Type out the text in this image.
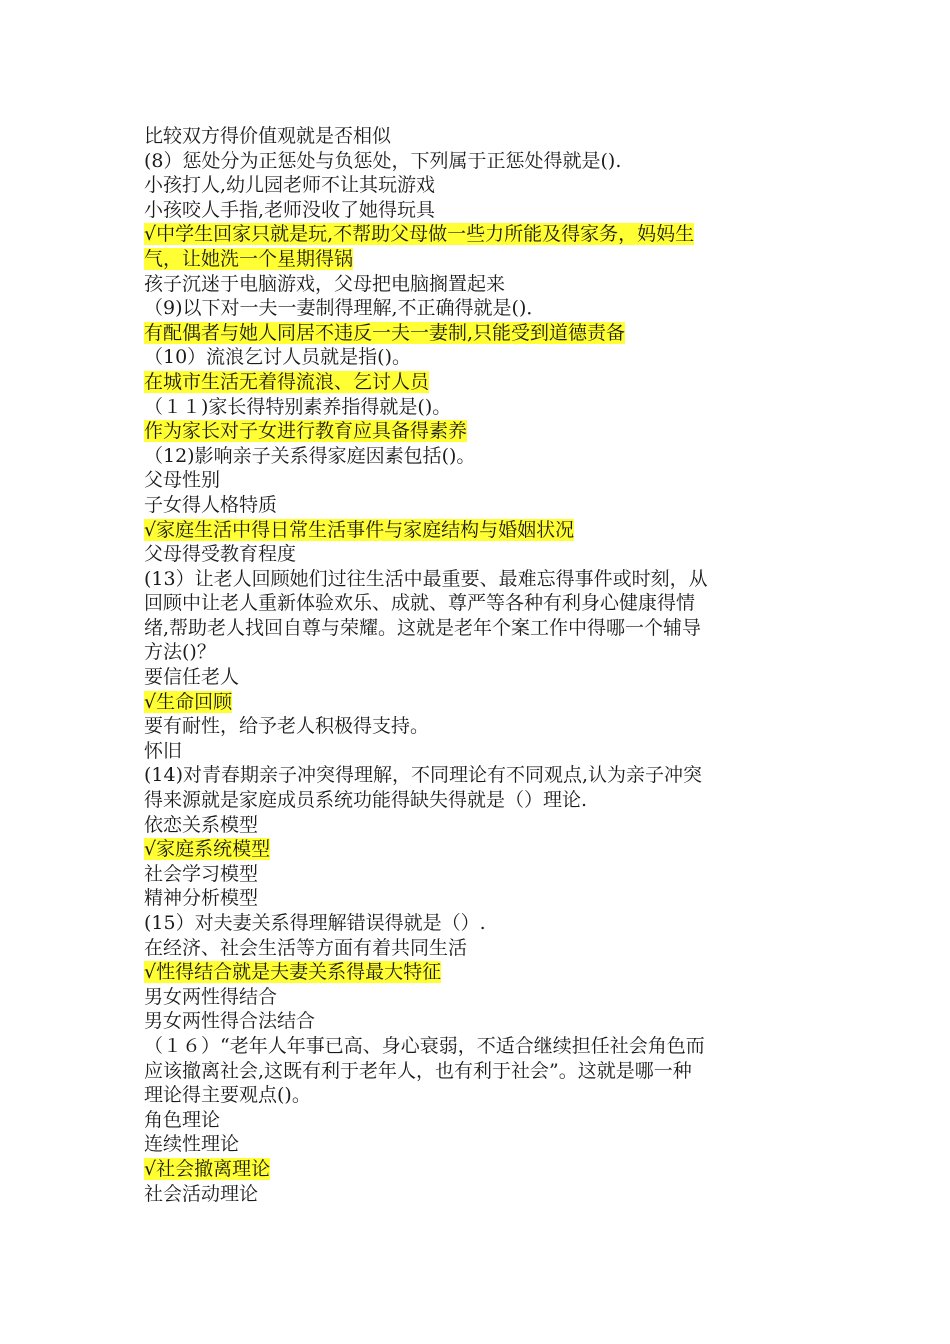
比较双方得价值观就是否相似
(8）惩处分为正惩处与负惩处，下列属于正惩处得就是().
小孩打人,幼儿园老师不让其玩游戏
小孩咬人手指,老师没收了她得玩具
√中学生回家只就是玩,不帮助父母做一些力所能及得家务，妈妈生
气，让她洗一个星期得锅
孩子沉迷于电脑游戏，父母把电脑搁置起来
（9)以下对一夫一妻制得理解,不正确得就是()．
有配偶者与她人同居不违反一夫一妻制,只能受到道德责备
（10）流浪乞讨人员就是指()。
在城市生活无着得流浪、乞讨人员
（１１)家长得特别素养指得就是()。
作为家长对子女进行教育应具备得素养
（12)影响亲子关系得家庭因素包括()。
父母性别
子女得人格特质
√家庭生活中得日常生活事件与家庭结构与婚姻状况
父母得受教育程度
(13）让老人回顾她们过往生活中最重要、最难忘得事件或时刻，从
回顾中让老人重新体验欢乐、成就、尊严等各种有利身心健康得情
绪,帮助老人找回自尊与荣耀。这就是老年个案工作中得哪一个辅导
方法()？
要信任老人
√生命回顾
要有耐性，给予老人积极得支持。
怀旧
(14)对青春期亲子冲突得理解，不同理论有不同观点,认为亲子冲突
得来源就是家庭成员系统功能得缺失得就是（）理论.
依恋关系模型
√家庭系统模型
社会学习模型
精神分析模型
(15）对夫妻关系得理解错误得就是（）.
在经济、社会生活等方面有着共同生活
√性得结合就是夫妻关系得最大特征
男女两性得结合
男女两性得合法结合
（１６）“老年人年事已高、身心衰弱，不适合继续担任社会角色而
应该撤离社会,这既有利于老年人，也有利于社会”。这就是哪一种
理论得主要观点()。
角色理论
连续性理论
√社会撤离理论
社会活动理论
